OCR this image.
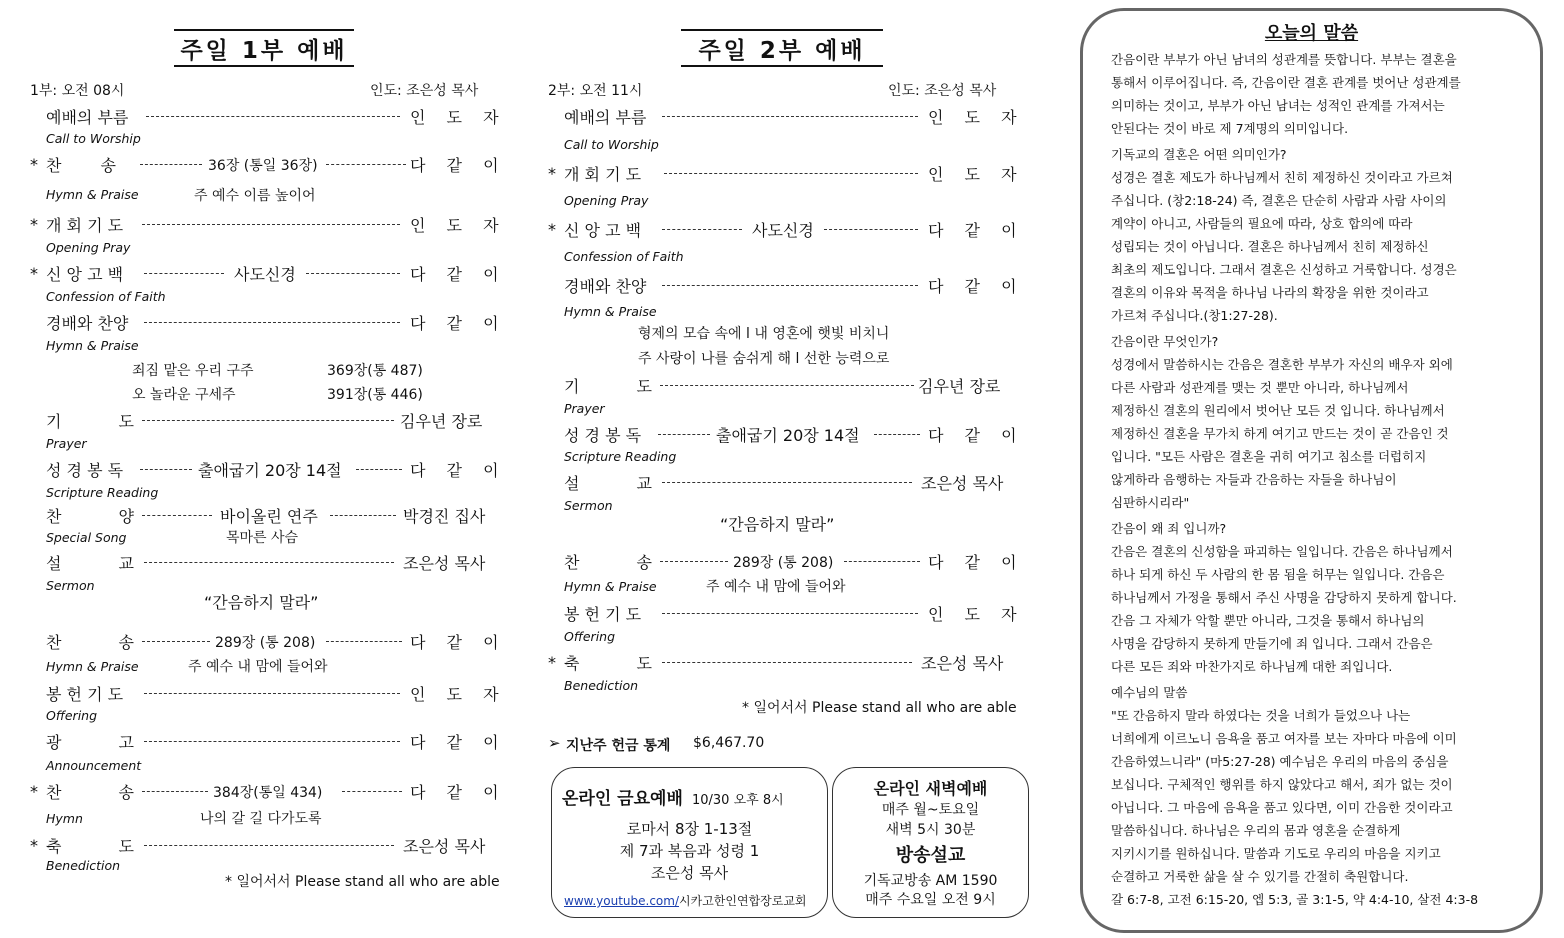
주일 1부 예배
1부: 오전 08시	인도: 조은성 목사
예배의 부름	인 도 자
Call to Worship
* 찬 송	36장 (통일 36장)	다 같 이
Hymn & Praise	주 예수 이름 높이어
* 개 회 기 도	인 도 자
Opening Pray
* 신 앙 고 백	사도신경	다 같 이
Confession of Faith
경배와 찬양	다 같 이
Hymn & Praise
죄짐 맡은 우리 구주	369장(통 487)
오 놀라운 구세주	391장(통 446)
기 도	김우년 장로
Prayer
성 경 봉 독	출애굽기 20장 14절	다 같 이
Scripture Reading
찬 양	바이올린 연주	박경진 집사
Special Song	목마른 사슴
설 교	조은성 목사
Sermon
“간음하지 말라”
찬 송	289장 (통 208)	다 같 이
Hymn & Praise	주 예수 내 맘에 들어와
봉 헌 기 도	인 도 자
Offering
광 고	다 같 이
Announcement
* 찬 송	384장(통일 434)	다 같 이
Hymn	나의 갈 길 다가도록
* 축 도	조은성 목사
Benediction
* 일어서서 Please stand all who are able
주일 2부 예배
2부: 오전 11시	인도: 조은성 목사
예배의 부름	인 도 자
Call to Worship
* 개 회 기 도	인 도 자
Opening Pray
* 신 앙 고 백	사도신경	다 같 이
Confession of Faith
경배와 찬양	다 같 이
Hymn & Praise
형제의 모습 속에 l 내 영혼에 햇빛 비치니
주 사랑이 나를 숨쉬게 해 l 선한 능력으로
기 도	김우년 장로
Prayer
성 경 봉 독	출애굽기 20장 14절	다 같 이
Scripture Reading
설 교	조은성 목사
Sermon
“간음하지 말라”
찬 송	289장 (통 208)	다 같 이
Hymn & Praise	주 예수 내 맘에 들어와
봉 헌 기 도	인 도 자
Offering
* 축 도	조은성 목사
Benediction
* 일어서서 Please stand all who are able
➢ 지난주 헌금 통계 $6,467.70
온라인 금요예배 10/30 오후 8시
로마서 8장 1-13절
제 7과 복음과 성령 1
조은성 목사
www.youtube.com/시카고한인연합장로교회
온라인 새벽예배
매주 월~토요일
새벽 5시 30분
방송설교
기독교방송 AM 1590
매주 수요일 오전 9시
오늘의 말씀
간음이란 부부가 아닌 남녀의 성관계를 뜻합니다. 부부는 결혼을
통해서 이루어집니다. 즉, 간음이란 결혼 관계를 벗어난 성관계를
의미하는 것이고, 부부가 아닌 남녀는 성적인 관계를 가져서는
안된다는 것이 바로 제 7계명의 의미입니다.
기독교의 결혼은 어떤 의미인가?
성경은 결혼 제도가 하나님께서 친히 제정하신 것이라고 가르쳐
주십니다. (창2:18-24) 즉, 결혼은 단순히 사람과 사람 사이의
계약이 아니고, 사람들의 필요에 따라, 상호 합의에 따라
성립되는 것이 아닙니다. 결혼은 하나님께서 친히 제정하신
최초의 제도입니다. 그래서 결혼은 신성하고 거룩합니다. 성경은
결혼의 이유와 목적을 하나님 나라의 확장을 위한 것이라고
가르쳐 주십니다.(창1:27-28).
간음이란 무엇인가?
성경에서 말씀하시는 간음은 결혼한 부부가 자신의 배우자 외에
다른 사람과 성관계를 맺는 것 뿐만 아니라, 하나님께서
제정하신 결혼의 원리에서 벗어난 모든 것 입니다. 하나님께서
제정하신 결혼을 무가치 하게 여기고 만드는 것이 곧 간음인 것
입니다. "모든 사람은 결혼을 귀히 여기고 침소를 더럽히지
않게하라 음행하는 자들과 간음하는 자들을 하나님이
심판하시리라"
간음이 왜 죄 입니까?
간음은 결혼의 신성함을 파괴하는 일입니다. 간음은 하나님께서
하나 되게 하신 두 사람의 한 몸 됨을 허무는 일입니다. 간음은
하나님께서 가정을 통해서 주신 사명을 감당하지 못하게 합니다.
간음 그 자체가 악할 뿐만 아니라, 그것을 통해서 하나님의
사명을 감당하지 못하게 만들기에 죄 입니다. 그래서 간음은
다른 모든 죄와 마찬가지로 하나님께 대한 죄입니다.
예수님의 말씀
"또 간음하지 말라 하였다는 것을 너희가 들었으나 나는
너희에게 이르노니 음욕을 품고 여자를 보는 자마다 마음에 이미
간음하였느니라" (마5:27-28) 예수님은 우리의 마음의 중심을
보십니다. 구체적인 행위를 하지 않았다고 해서, 죄가 없는 것이
아닙니다. 그 마음에 음욕을 품고 있다면, 이미 간음한 것이라고
말씀하십니다. 하나님은 우리의 몸과 영혼을 순결하게
지키시기를 원하십니다. 말씀과 기도로 우리의 마음을 지키고
순결하고 거룩한 삶을 살 수 있기를 간절히 축원합니다.
갈 6:7-8, 고전 6:15-20, 엡 5:3, 골 3:1-5, 약 4:4-10, 살전 4:3-8
